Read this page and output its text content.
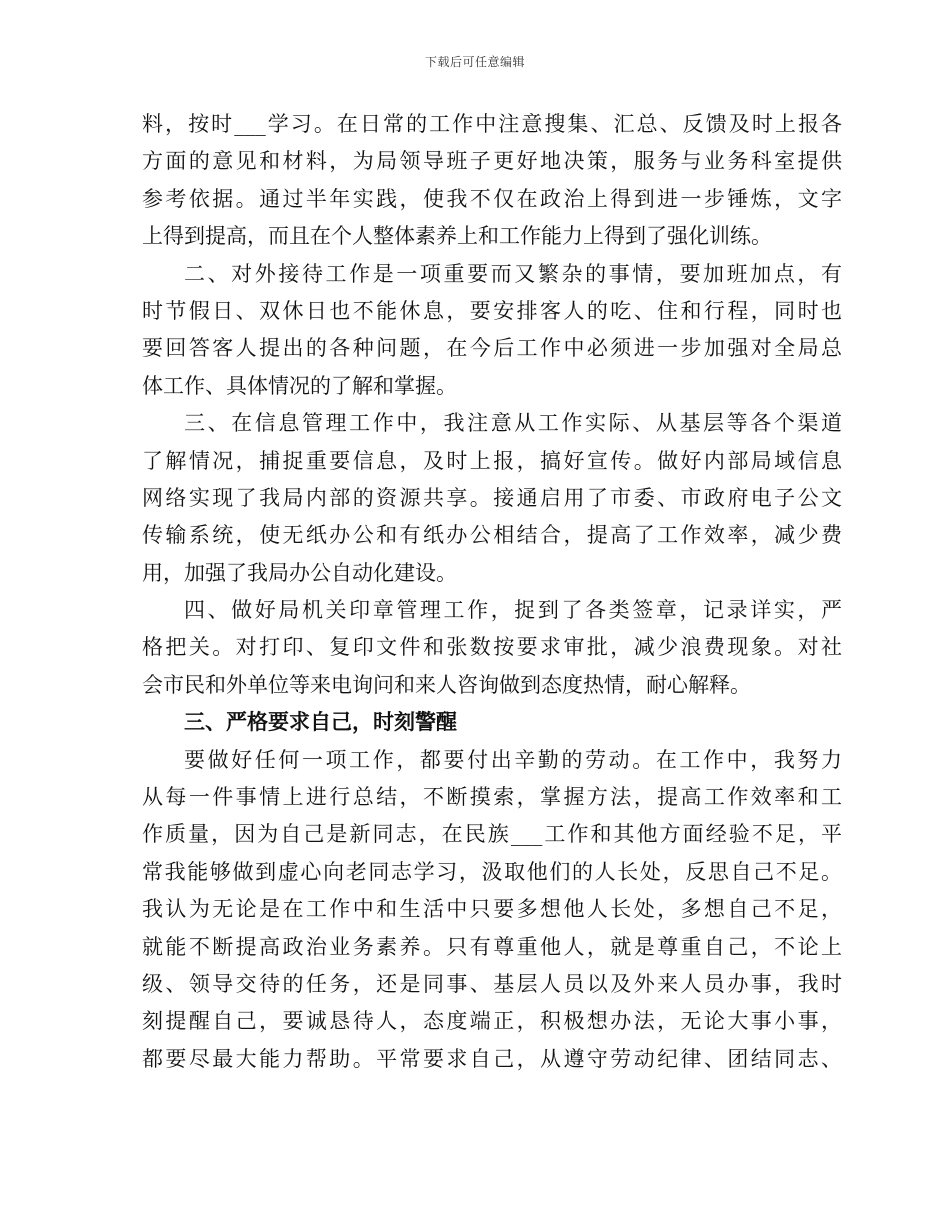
下载后可任意编辑
料，按时___学习。在日常的工作中注意搜集、汇总、反馈及时上报各
方面的意见和材料，为局领导班子更好地决策，服务与业务科室提供
参考依据。通过半年实践，使我不仅在政治上得到进一步锤炼，文字
上得到提高，而且在个人整体素养上和工作能力上得到了强化训练。
二、对外接待工作是一项重要而又繁杂的事情，要加班加点，有
时节假日、双休日也不能休息，要安排客人的吃、住和行程，同时也
要回答客人提出的各种问题，在今后工作中必须进一步加强对全局总
体工作、具体情况的了解和掌握。
三、在信息管理工作中，我注意从工作实际、从基层等各个渠道
了解情况，捕捉重要信息，及时上报，搞好宣传。做好内部局域信息
网络实现了我局内部的资源共享。接通启用了市委、市政府电子公文
传输系统，使无纸办公和有纸办公相结合，提高了工作效率，减少费
用，加强了我局办公自动化建设。
四、做好局机关印章管理工作，捉到了各类签章，记录详实，严
格把关。对打印、复印文件和张数按要求审批，减少浪费现象。对社
会市民和外单位等来电询问和来人咨询做到态度热情，耐心解释。
三、严格要求自己，时刻警醒
要做好任何一项工作，都要付出辛勤的劳动。在工作中，我努力
从每一件事情上进行总结，不断摸索，掌握方法，提高工作效率和工
作质量，因为自己是新同志，在民族___工作和其他方面经验不足，平
常我能够做到虚心向老同志学习，汲取他们的人长处，反思自己不足。
我认为无论是在工作中和生活中只要多想他人长处，多想自己不足，
就能不断提高政治业务素养。只有尊重他人，就是尊重自己，不论上
级、领导交待的任务，还是同事、基层人员以及外来人员办事，我时
刻提醒自己，要诚恳待人，态度端正，积极想办法，无论大事小事，
都要尽最大能力帮助。平常要求自己，从遵守劳动纪律、团结同志、
